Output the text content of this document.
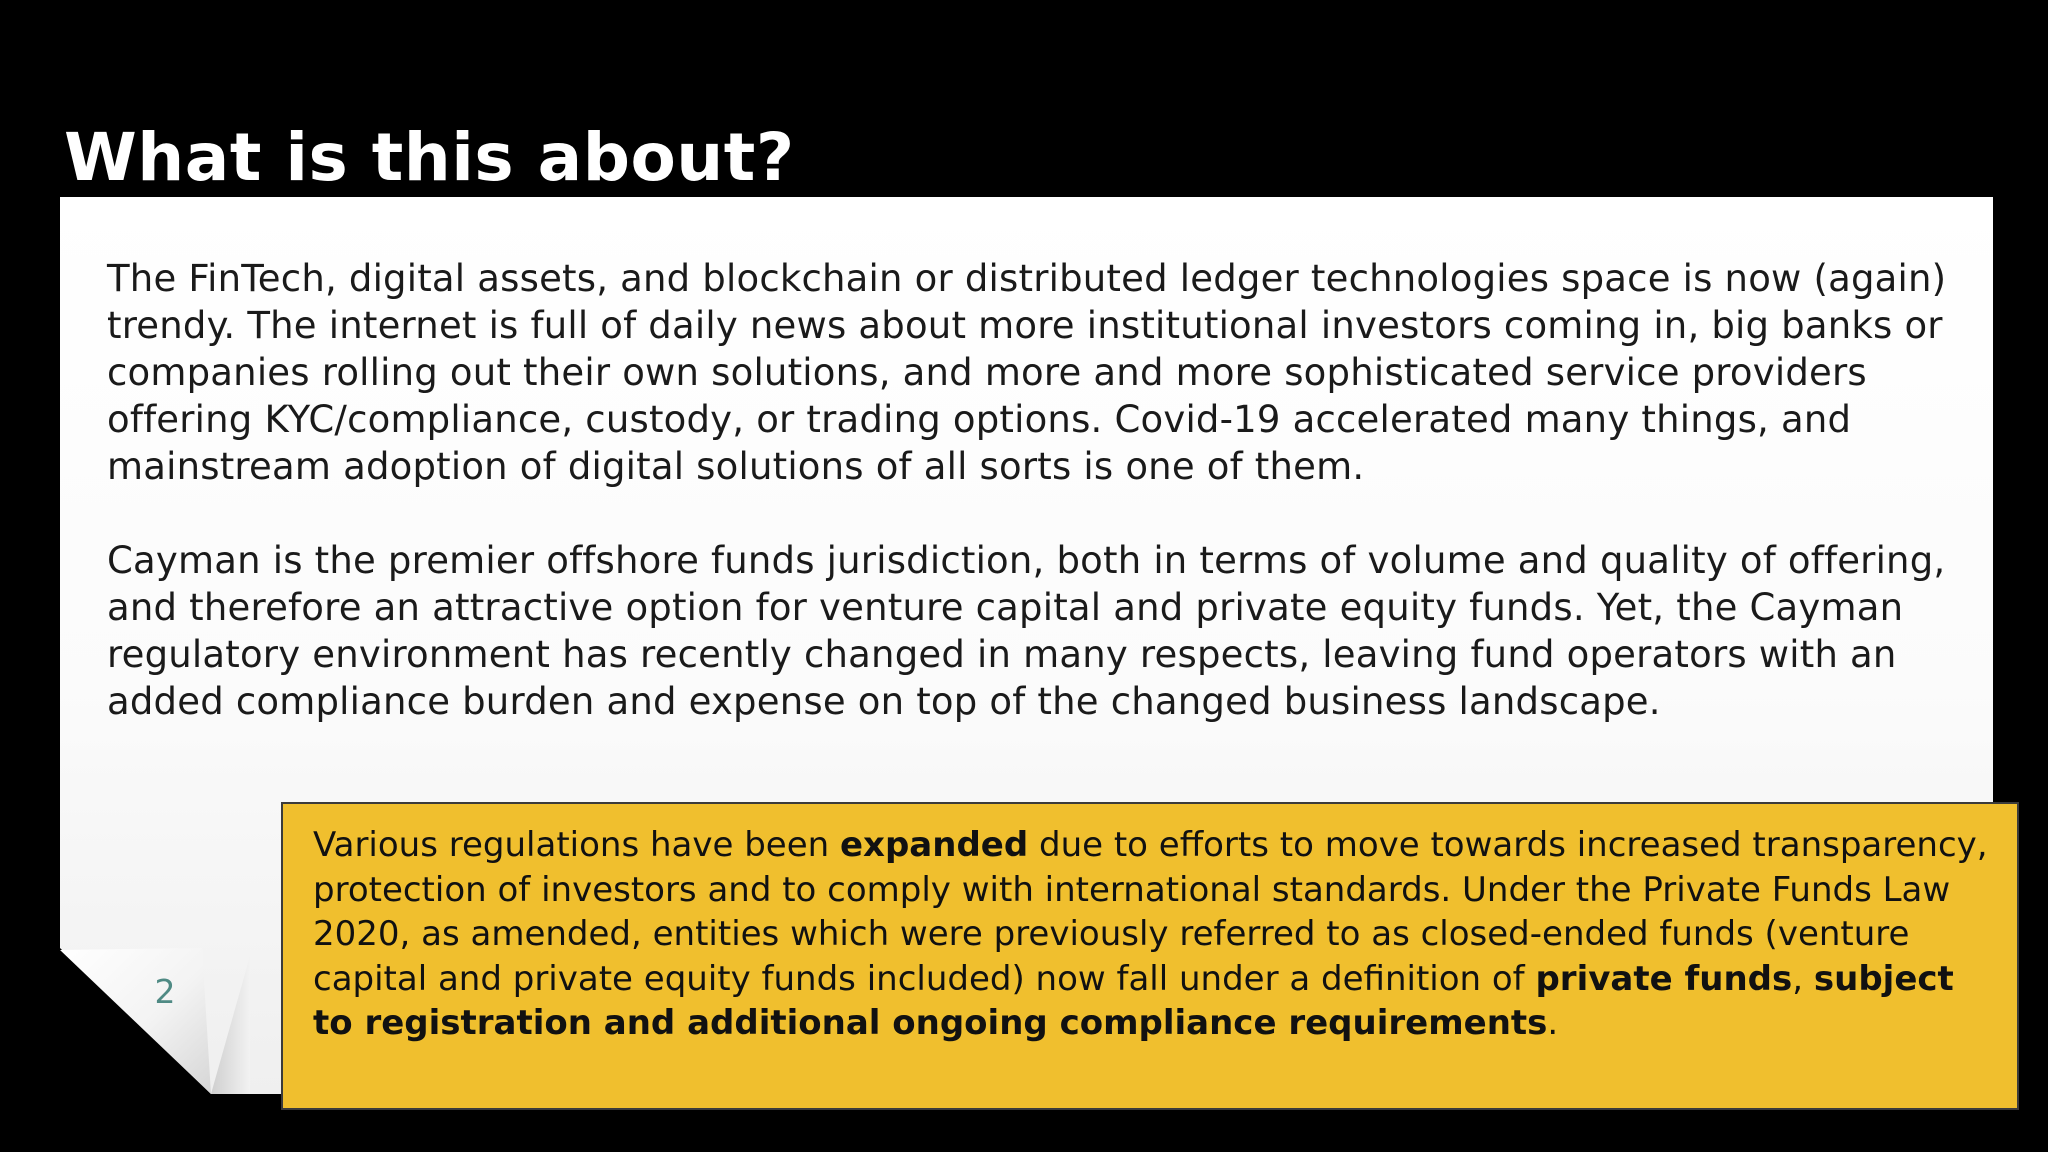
What is this about?

The FinTech, digital assets, and blockchain or distributed ledger technologies space is now (again) trendy. The internet is full of daily news about more institutional investors coming in, big banks or companies rolling out their own solutions, and more and more sophisticated service providers offering KYC/compliance, custody, or trading options. Covid-19 accelerated many things, and mainstream adoption of digital solutions of all sorts is one of them.

Cayman is the premier offshore funds jurisdiction, both in terms of volume and quality of offering, and therefore an attractive option for venture capital and private equity funds. Yet, the Cayman regulatory environment has recently changed in many respects, leaving fund operators with an added compliance burden and expense on top of the changed business landscape.

2

Various regulations have been expanded due to efforts to move towards increased transparency, protection of investors and to comply with international standards. Under the Private Funds Law 2020, as amended, entities which were previously referred to as closed-ended funds (venture capital and private equity funds included) now fall under a definition of private funds, subject to registration and additional ongoing compliance requirements.
